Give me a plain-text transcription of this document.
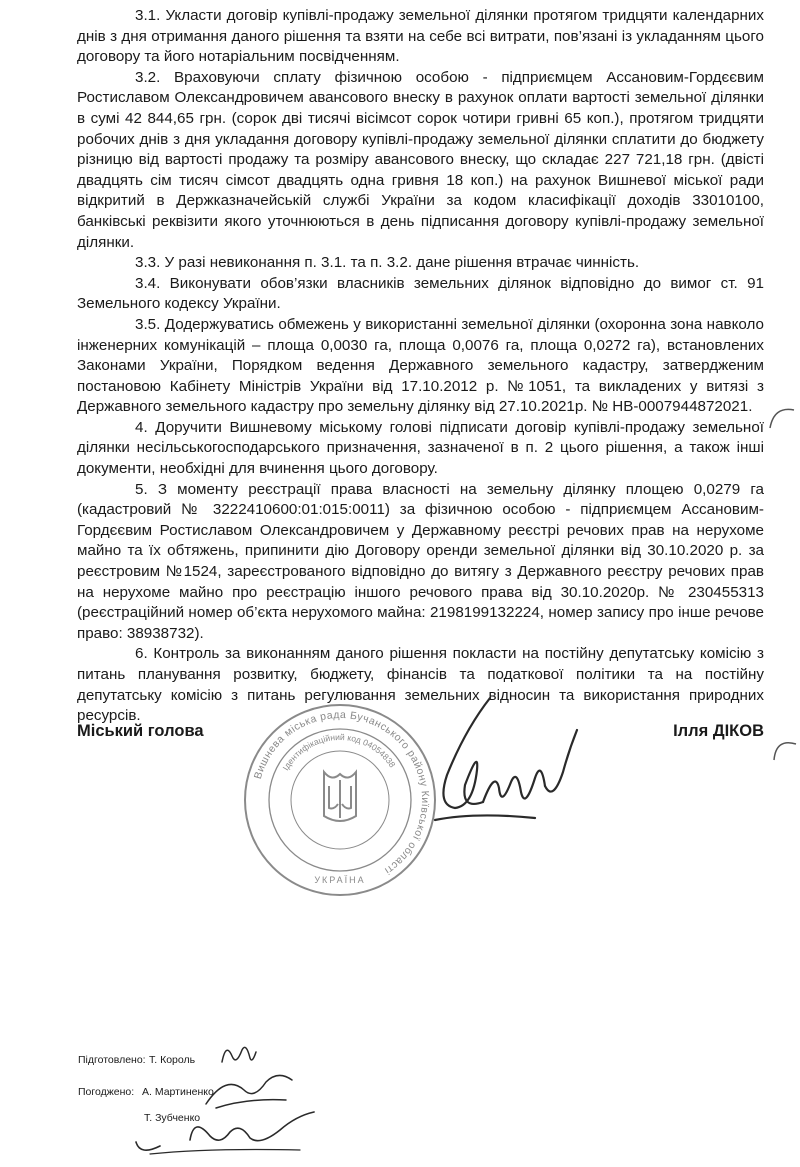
3.1. Укласти договір купівлі-продажу земельної ділянки протягом тридцяти календарних днів з дня отримання даного рішення та взяти на себе всі витрати, пов’язані із укладанням цього договору та його нотаріальним посвідченням.

3.2. Враховуючи сплату фізичною особою - підприємцем Ассановим-Гордєєвим Ростиславом Олександровичем авансового внеску в рахунок оплати вартості земельної ділянки в сумі 42 844,65 грн. (сорок дві тисячі вісімсот сорок чотири гривні 65 коп.), протягом тридцяти робочих днів з дня укладання договору купівлі-продажу земельної ділянки сплатити до бюджету різницю від вартості продажу та розміру авансового внеску, що складає 227 721,18 грн. (двісті двадцять сім тисяч сімсот двадцять одна гривня 18 коп.) на рахунок Вишневої міської ради відкритий в Держказначейській службі України за кодом класифікації доходів 33010100, банківські реквізити якого уточнюються в день підписання договору купівлі-продажу земельної ділянки.

3.3. У разі невиконання п. 3.1. та п. 3.2. дане рішення втрачає чинність.

3.4. Виконувати обов’язки власників земельних ділянок відповідно до вимог ст. 91 Земельного кодексу України.

3.5. Додержуватись обмежень у використанні земельної ділянки (охоронна зона навколо інженерних комунікацій – площа 0,0030 га, площа 0,0076 га, площа 0,0272 га), встановлених Законами України, Порядком ведення Державного земельного кадастру, затвердженим постановою Кабінету Міністрів України від 17.10.2012 р. №1051, та викладених у витязі з Державного земельного кадастру про земельну ділянку від 27.10.2021р. № НВ-0007944872021.

4. Доручити Вишневому міському голові підписати договір купівлі-продажу земельної ділянки несільськогосподарського призначення, зазначеної в п. 2 цього рішення, а також інші документи, необхідні для вчинення цього договору.

5. З моменту реєстрації права власності на земельну ділянку площею 0,0279 га (кадастровий № 3222410600:01:015:0011) за фізичною особою - підприємцем Ассановим-Гордєєвим Ростиславом Олександровичем у Державному реєстрі речових прав на нерухоме майно та їх обтяжень, припинити дію Договору оренди земельної ділянки від 30.10.2020 р. за реєстровим №1524, зареєстрованого відповідно до витягу з Державного реєстру речових прав на нерухоме майно про реєстрацію іншого речового права від 30.10.2020р. № 230455313 (реєстраційний номер об’єкта нерухомого майна: 2198199132224, номер запису про інше речове право: 38938732).

6. Контроль за виконанням даного рішення покласти на постійну депутатську комісію з питань планування розвитку, бюджету, фінансів та податкової політики та на постійну депутатську комісію з питань регулювання земельних відносин та використання природних ресурсів.

Вишнева міська рада Бучанського району Київської області
Ідентифікаційний код 04054838
УКРАЇНА
Міський голова	Ілля ДІКОВ
Підготовлено: Т. Король
Погоджено: А. Мартиненко
Т. Зубченко
